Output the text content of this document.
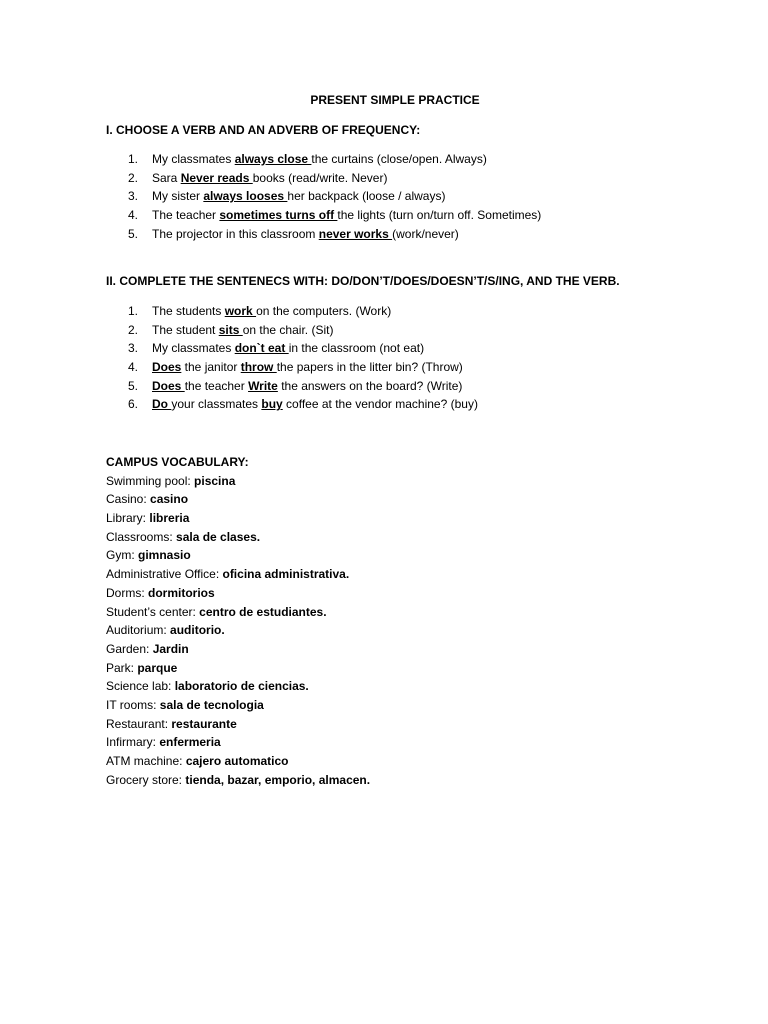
PRESENT SIMPLE PRACTICE
I. CHOOSE A VERB AND AN ADVERB OF FREQUENCY:
1. My classmates always close the curtains (close/open. Always)
2. Sara Never reads books (read/write. Never)
3. My sister always looses her backpack (loose / always)
4. The teacher sometimes turns off the lights (turn on/turn off. Sometimes)
5. The projector in this classroom never works (work/never)
II. COMPLETE THE SENTENECS WITH: DO/DON’T/DOES/DOESN’T/S/ING, AND THE VERB.
1. The students work on the computers. (Work)
2. The student sits on the chair. (Sit)
3. My classmates don`t eat in the classroom (not eat)
4. Does the janitor throw the papers in the litter bin? (Throw)
5. Does the teacher Write the answers on the board? (Write)
6. Do your classmates buy coffee at the vendor machine? (buy)
CAMPUS VOCABULARY:
Swimming pool: piscina
Casino: casino
Library: libreria
Classrooms: sala de clases.
Gym: gimnasio
Administrative Office: oficina administrativa.
Dorms: dormitorios
Student’s center: centro de estudiantes.
Auditorium: auditorio.
Garden: Jardin
Park: parque
Science lab: laboratorio de ciencias.
IT rooms: sala de tecnologia
Restaurant: restaurante
Infirmary: enfermeria
ATM machine: cajero automatico
Grocery store: tienda, bazar, emporio, almacen.
